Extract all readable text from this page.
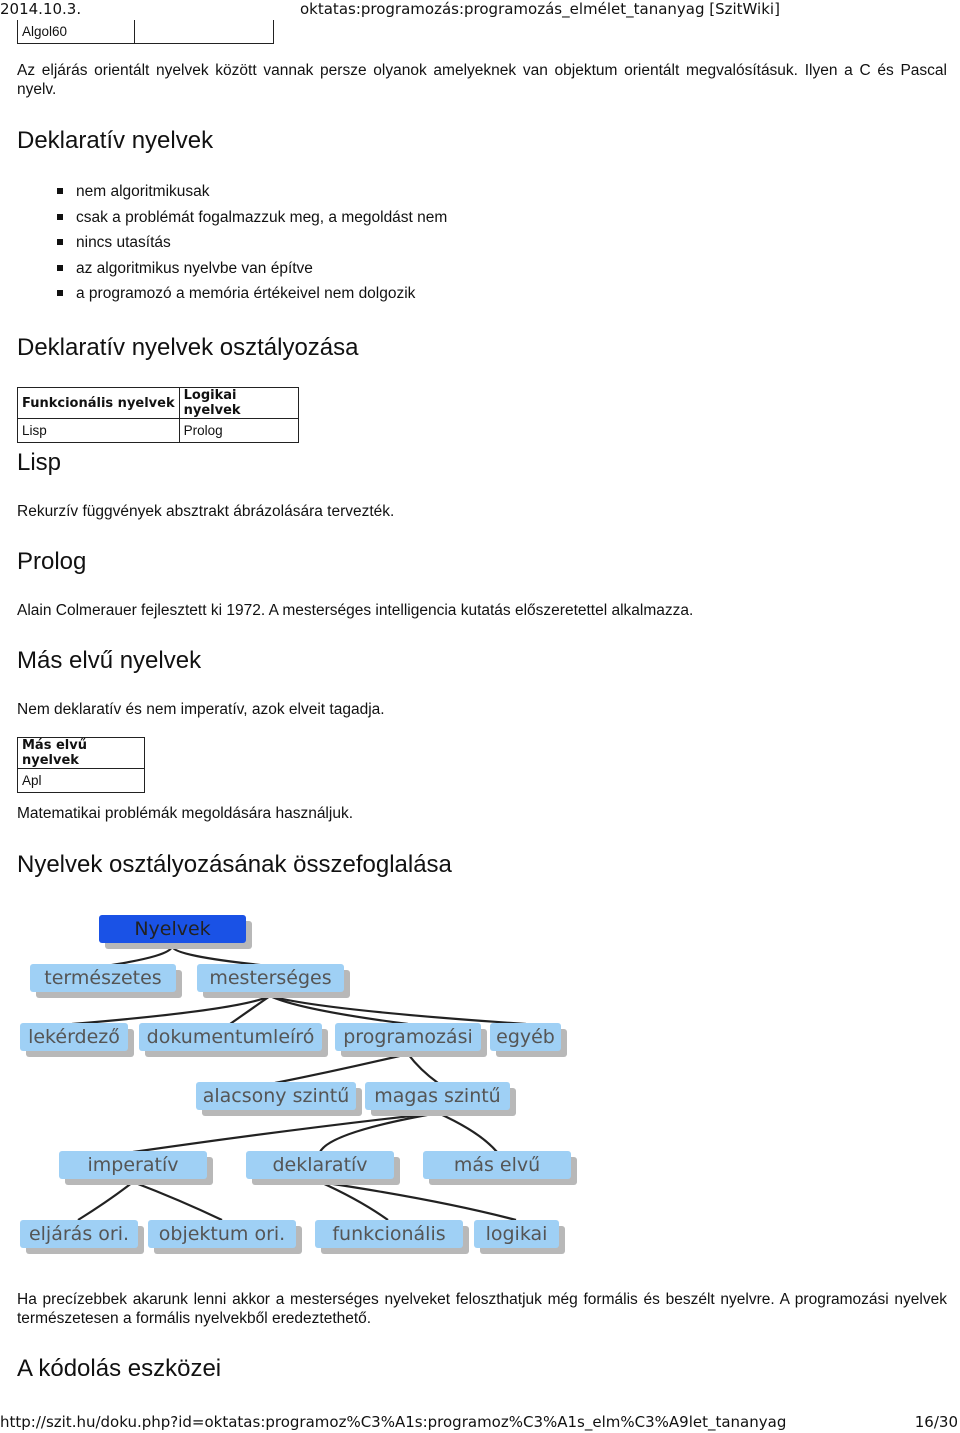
2014.10.3.	oktatas:programozás:programozás_elmélet_tananyag [SzitWiki]
Algol60	
Az eljárás orientált nyelvek között vannak persze olyanok amelyeknek van objektum orientált megvalósításuk. Ilyen a C és Pascal nyelv.
Deklaratív nyelvek
nem algoritmikusak
csak a problémát fogalmazzuk meg, a megoldást nem
nincs utasítás
az algoritmikus nyelvbe van építve
a programozó a memória értékeivel nem dolgozik
Deklaratív nyelvek osztályozása
Funkcionális nyelvek	Logikai nyelvek
Lisp	Prolog
Lisp
Rekurzív függvények absztrakt ábrázolására tervezték.
Prolog
Alain Colmerauer fejlesztett ki 1972. A mesterséges intelligencia kutatás előszeretettel alkalmazza.
Más elvű nyelvek
Nem deklaratív és nem imperatív, azok elveit tagadja.
Más elvű nyelvek
Apl
Matematikai problémák megoldására használjuk.
Nyelvek osztályozásának összefoglalása
Nyelvek
természetes	mesterséges
lekérdező	dokumentumleíró	programozási	egyéb
alacsony szintű	magas szintű
imperatív	deklaratív	más elvű
eljárás ori.	objektum ori.	funkcionális	logikai
Ha precízebbek akarunk lenni akkor a mesterséges nyelveket feloszthatjuk még formális és beszélt nyelvre. A programozási nyelvek természetesen a formális nyelvekből eredeztethető.
A kódolás eszközei
http://szit.hu/doku.php?id=oktatas:programoz%C3%A1s:programoz%C3%A1s_elm%C3%A9let_tananyag	16/30
